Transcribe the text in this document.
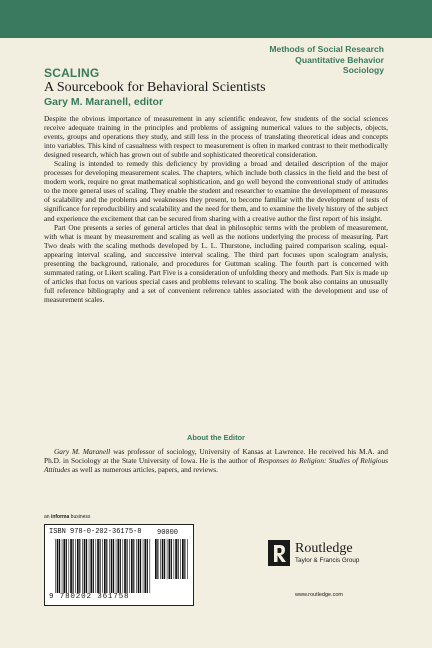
Methods of Social Research
Quantitative Behavior
Sociology
SCALING
A Sourcebook for Behavioral Scientists
Gary M. Maranell, editor

Despite the obvious importance of measurement in any scientific endeavor, few students of the social sciences receive adequate training in the principles and problems of assigning numerical values to the subjects, objects, events, groups and operations they study, and still less in the process of translating theoretical ideas and concepts into variables. This kind of casualness with respect to measurement is often in marked contrast to their methodically designed research, which has grown out of subtle and sophisticated theoretical consideration.

Scaling is intended to remedy this deficiency by providing a broad and detailed description of the major processes for developing measurement scales. The chapters, which include both classics in the field and the best of modern work, require no great mathematical sophistication, and go well beyond the conventional study of attitudes to the more general uses of scaling. They enable the student and researcher to examine the development of measures of scalability and the problems and weaknesses they present, to become familiar with the development of tests of significance for reproducibility and scalability and the need for them, and to examine the lively history of the subject and experience the excitement that can be secured from sharing with a creative author the first report of his insight.

Part One presents a series of general articles that deal in philosophic terms with the problem of measurement, with what is meant by measurement and scaling as well as the notions underlying the process of measuring. Part Two deals with the scaling methods developed by L. L. Thurstone, including paired comparison scaling, equal-appearing interval scaling, and successive interval scaling. The third part focuses upon scalogram analysis, presenting the background, rationale, and procedures for Guttman scaling. The fourth part is concerned with summated rating, or Likert scaling. Part Five is a consideration of unfolding theory and methods. Part Six is made up of articles that focus on various special cases and problems relevant to scaling. The book also contains an unusually full reference bibliography and a set of convenient reference tables associated with the development and use of measurement scales.

About the Editor
Gary M. Maranell was professor of sociology, University of Kansas at Lawrence. He received his M.A. and Ph.D. in Sociology at the State University of Iowa. He is the author of Responses to Religion: Studies of Religious Attitudes as well as numerous articles, papers, and reviews.
an informa business
ISBN 978-0-202-36175-8 90000
9 780202 361758
Routledge
Taylor & Francis Group
www.routledge.com
